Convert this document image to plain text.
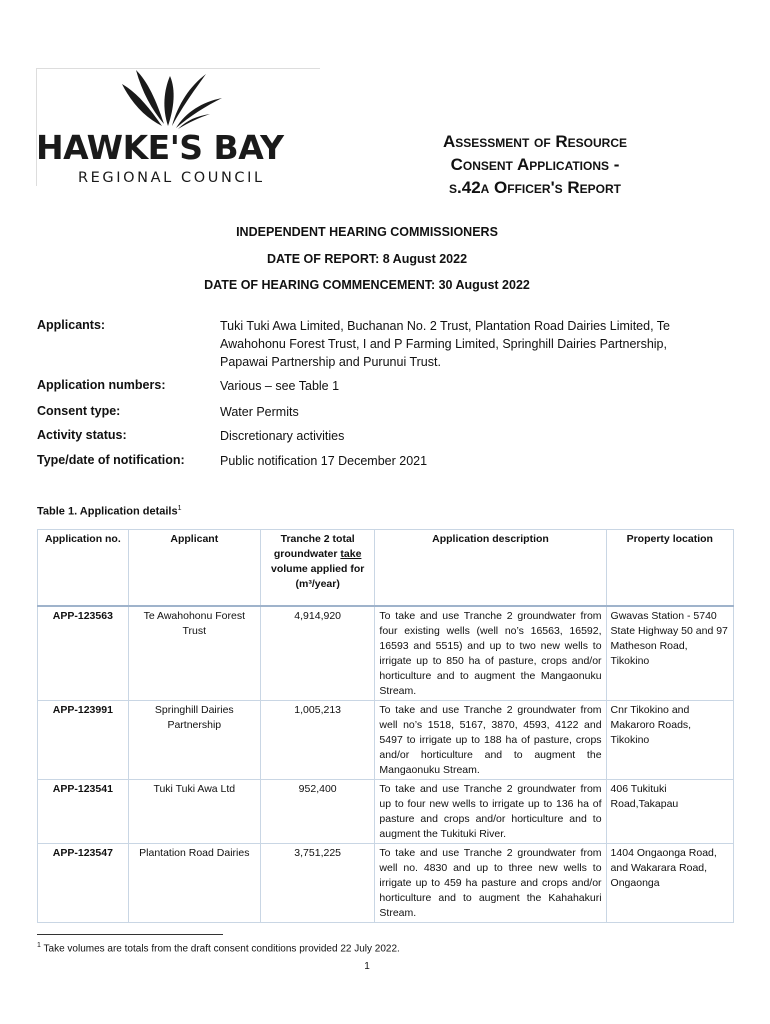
HAWKE'S BAY
REGIONAL COUNCIL
Assessment of Resource
Consent Applications -
s.42a Officer's Report
INDEPENDENT HEARING COMMISSIONERS
DATE OF REPORT: 8 August 2022
DATE OF HEARING COMMENCEMENT: 30 August 2022
Applicants:	Tuki Tuki Awa Limited, Buchanan No. 2 Trust, Plantation Road Dairies Limited, Te Awahohonu Forest Trust, I and P Farming Limited, Springhill Dairies Partnership, Papawai Partnership and Purunui Trust.
Application numbers:	Various – see Table 1
Consent type:	Water Permits
Activity status:	Discretionary activities
Type/date of notification:	Public notification 17 December 2021
Table 1. Application details$^1$
Application no.	Applicant	Tranche 2 total groundwater take volume applied for (m³/year)	Application description	Property location
APP-123563	Te Awahohonu Forest Trust	4,914,920	To take and use Tranche 2 groundwater from four existing wells (well no’s 16563, 16592, 16593 and 5515) and up to two new wells to irrigate up to 850 ha of pasture, crops and/or horticulture and to augment the Mangaonuku Stream.	Gwavas Station - 5740 State Highway 50 and 97 Matheson Road, Tikokino
APP-123991	Springhill Dairies Partnership	1,005,213	To take and use Tranche 2 groundwater from well no’s 1518, 5167, 3870, 4593, 4122 and 5497 to irrigate up to 188 ha of pasture, crops and/or horticulture and to augment the Mangaonuku Stream.	Cnr Tikokino and Makaroro Roads, Tikokino
APP-123541	Tuki Tuki Awa Ltd	952,400	To take and use Tranche 2 groundwater from up to four new wells to irrigate up to 136 ha of pasture and crops and/or horticulture and to augment the Tukituki River.	406 Tukituki Road,Takapau
APP-123547	Plantation Road Dairies	3,751,225	To take and use Tranche 2 groundwater from well no. 4830 and up to three new wells to irrigate up to 459 ha pasture and crops and/or horticulture and to augment the Kahahakuri Stream.	1404 Ongaonga Road, and Wakarara Road, Ongaonga
$^1$ Take volumes are totals from the draft consent conditions provided 22 July 2022.
1
